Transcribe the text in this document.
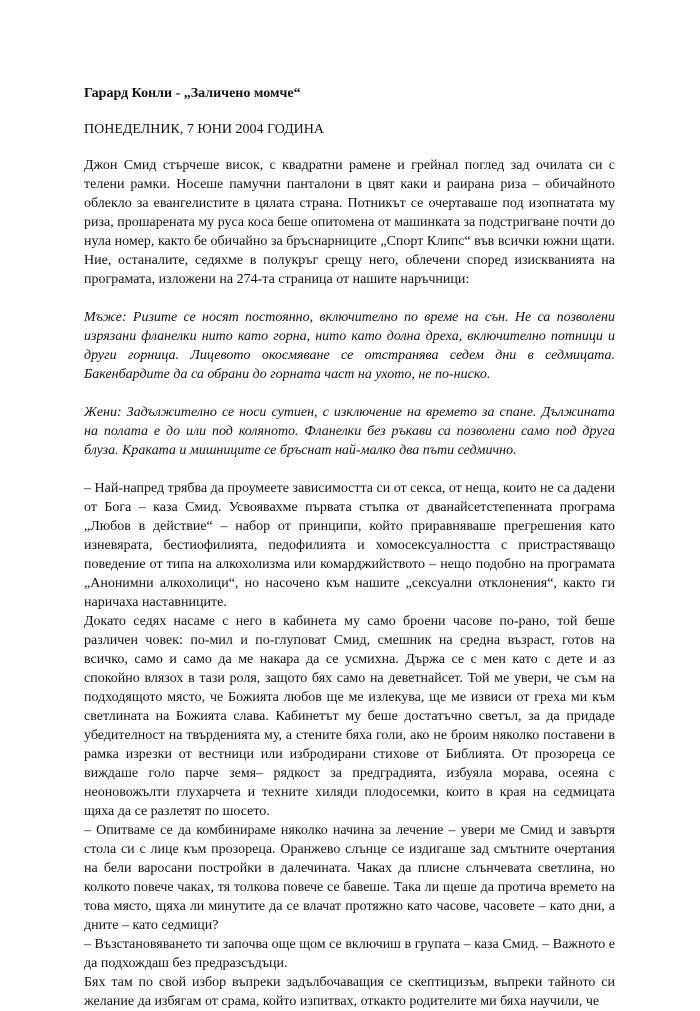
Гарард Конли - „Заличено момче“
ПОНЕДЕЛНИК, 7 ЮНИ 2004 ГОДИНА

Джон Смид стърчеше висок, с квадратни рамене и грейнал поглед зад очилата си с телени рамки. Носеше памучни панталони в цвят каки и раирана риза – обичайното облекло за евангелистите в цялата страна. Потникът се очертаваше под изопнатата му риза, прошарената му руса коса беше опитомена от машинката за подстригване почти до нула номер, както бе обичайно за бръснарниците „Спорт Клипс“ във всички южни щати. Ние, останалите, седяхме в полукръг срещу него, облечени според изискванията на програмата, изложени на 274-та страница от нашите наръчници:

Мъже: Ризите се носят постоянно, включително по време на сън. Не са позволени изрязани фланелки нито като горна, нито като долна дреха, включително потници и други горница. Лицевото окосмяване се отстранява седем дни в седмицата. Бакенбардите да са обрани до горната част на ухото, не по-ниско.

Жени: Задължително се носи сутиен, с изключение на времето за спане. Дължината на полата е до или под коляното. Фланелки без ръкави са позволени само под друга блуза. Краката и мишниците се бръснат най-малко два пъти седмично.

– Най-напред трябва да проумеете зависимостта си от секса, от неща, които не са дадени от Бога – каза Смид. Усвоявахме първата стъпка от дванайсетстепенната програма „Любов в действие“ – набор от принципи, който приравняваше прегрешения като изневярата, бестиофилията, педофилията и хомосексуалността с пристрастяващо поведение от типа на алкохолизма или комарджийството – нещо подобно на програмата „Анонимни алкохолици“, но насочено към нашите „сексуални отклонения“, както ги наричаха наставниците.

Докато седях насаме с него в кабинета му само броени часове по-рано, той беше различен човек: по-мил и по-глуповат Смид, смешник на средна възраст, готов на всичко, само и само да ме накара да се усмихна. Държа се с мен като с дете и аз спокойно влязох в тази роля, защото бях само на деветнайсет. Той ме увери, че съм на подходящото място, че Божията любов ще ме излекува, ще ме извиси от греха ми към светлината на Божията слава. Кабинетът му беше достатъчно светъл, за да придаде убедителност на твърденията му, а стените бяха голи, ако не броим няколко поставени в рамка изрезки от вестници или избродирани стихове от Библията. От прозореца се виждаше голо парче земя– рядкост за предградията, избуяла морава, осеяна с неоновожълти глухарчета и техните хиляди плодосемки, които в края на седмицата щяха да се разлетят по шосето.

– Опитваме се да комбинираме няколко начина за лечение – увери ме Смид и завъртя стола си с лице към прозореца. Оранжево слънце се издигаше зад смътните очертания на бели варосани постройки в далечината. Чаках да плисне слънчевата светлина, но колкото повече чаках, тя толкова повече се бавеше. Така ли щеше да протича времето на това място, щяха ли минутите да се влачат протяжно като часове, часовете – като дни, а дните – като седмици?

– Възстановяването ти започва още щом се включиш в групата – каза Смид. – Важното е да подхождаш без предразсъдъци.

Бях там по свой избор въпреки задълбочаващия се скептицизъм, въпреки тайното си желание да избягам от срама, който изпитвах, откакто родителите ми бяха научили, че
